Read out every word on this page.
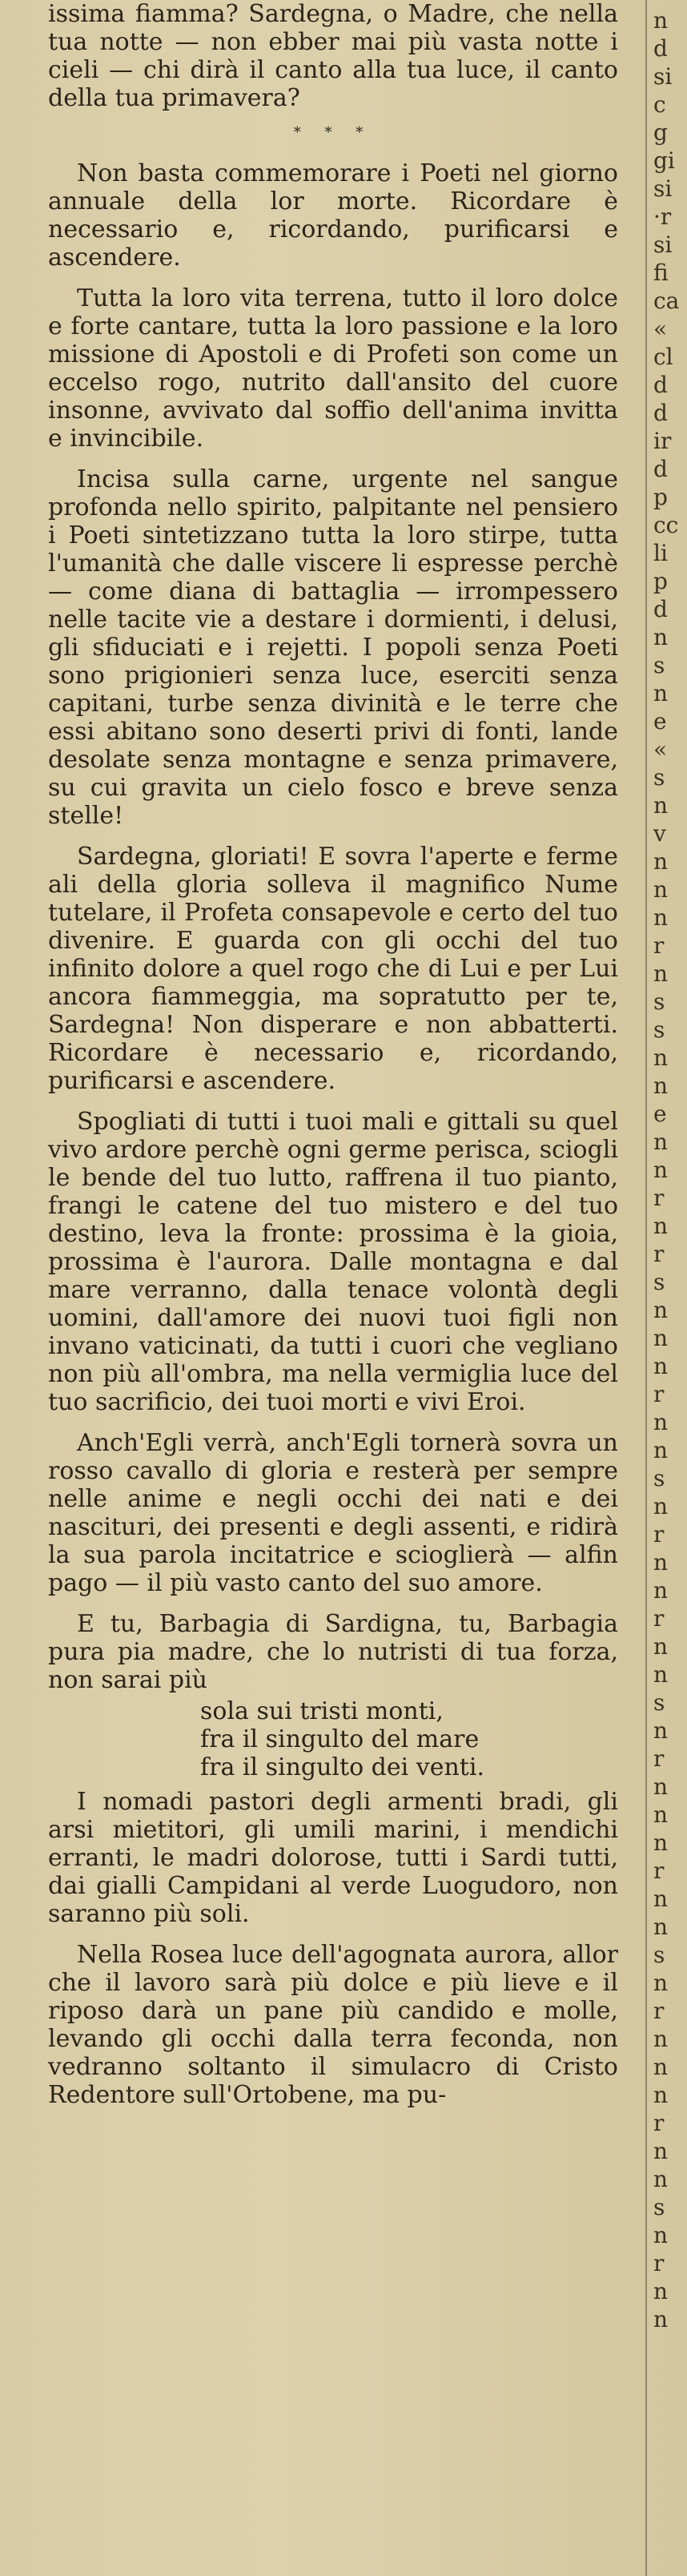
issima fiamma? Sardegna, o Madre, che nella tua notte — non ebber mai più vasta notte i cieli — chi dirà il canto alla tua luce, il canto della tua primavera?

* * *

Non basta commemorare i Poeti nel giorno annuale della lor morte. Ricordare è necessario e, ricordando, purificarsi e ascendere.

Tutta la loro vita terrena, tutto il loro dolce e forte cantare, tutta la loro passione e la loro missione di Apostoli e di Profeti son come un eccelso rogo, nutrito dall'ansito del cuore insonne, avvivato dal soffio dell'anima invitta e invincibile.

Incisa sulla carne, urgente nel sangue profonda nello spirito, palpitante nel pensiero i Poeti sintetizzano tutta la loro stirpe, tutta l'umanità che dalle viscere li espresse perchè — come diana di battaglia — irrompessero nelle tacite vie a destare i dormienti, i delusi, gli sfiduciati e i rejetti. I popoli senza Poeti sono prigionieri senza luce, eserciti senza capitani, turbe senza divinità e le terre che essi abitano sono deserti privi di fonti, lande desolate senza montagne e senza primavere, su cui gravita un cielo fosco e breve senza stelle!

Sardegna, gloriati! E sovra l'aperte e ferme ali della gloria solleva il magnifico Nume tutelare, il Profeta consapevole e certo del tuo divenire. E guarda con gli occhi del tuo infinito dolore a quel rogo che di Lui e per Lui ancora fiammeggia, ma sopratutto per te, Sardegna! Non disperare e non abbatterti. Ricordare è necessario e, ricordando, purificarsi e ascendere.

Spogliati di tutti i tuoi mali e gittali su quel vivo ardore perchè ogni germe perisca, sciogli le bende del tuo lutto, raffrena il tuo pianto, frangi le catene del tuo mistero e del tuo destino, leva la fronte: prossima è la gioia, prossima è l'aurora. Dalle montagna e dal mare verranno, dalla tenace volontà degli uomini, dall'amore dei nuovi tuoi figli non invano vaticinati, da tutti i cuori che vegliano non più all'ombra, ma nella vermiglia luce del tuo sacrificio, dei tuoi morti e vivi Eroi.

Anch'Egli verrà, anch'Egli tornerà sovra un rosso cavallo di gloria e resterà per sempre nelle anime e negli occhi dei nati e dei nascituri, dei presenti e degli assenti, e ridirà la sua parola incitatrice e scioglierà — alfin pago — il più vasto canto del suo amore.

E tu, Barbagia di Sardigna, tu, Barbagia pura pia madre, che lo nutristi di tua forza, non sarai più

sola sui tristi monti,
fra il singulto del mare
fra il singulto dei venti.

I nomadi pastori degli armenti bradi, gli arsi mietitori, gli umili marini, i mendichi erranti, le madri dolorose, tutti i Sardi tutti, dai gialli Campidani al verde Luogudoro, non saranno più soli.

Nella Rosea luce dell'agognata aurora, allor che il lavoro sarà più dolce e più lieve e il riposo darà un pane più candido e molle, levando gli occhi dalla terra feconda, non vedranno soltanto il simulacro di Cristo Redentore sull'Ortobene, ma pu-

n
d
si
c
g
gi
si
·r
si
fi
ca
«
cl
d
d
ir
d
p
cc
li
p
d
n
s
n
e
«
s
n
v
n
n
n
r
n
s
s
n
n
e
n
n
r
n
r
s
n
n
n
r
n
n
s
n
r
n
n
r
n
n
s
n
r
n
n
n
r
n
n
s
n
r
n
n
n
r
n
n
s
n
r
n
n
